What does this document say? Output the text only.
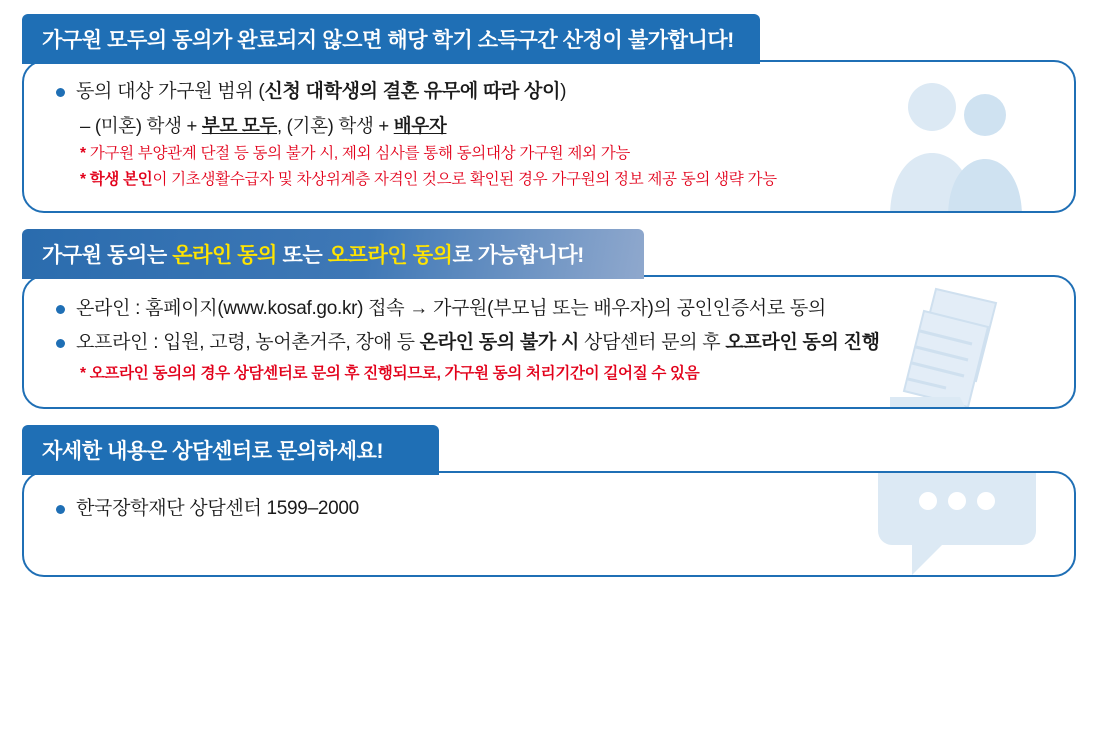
가구원 모두의 동의가 완료되지 않으면 해당 학기 소득구간 산정이 불가합니다!
동의 대상 가구원 범위 (신청 대학생의 결혼 유무에 따라 상이)
– (미혼) 학생 + 부모 모두, (기혼) 학생 + 배우자
* 가구원 부양관계 단절 등 동의 불가 시, 제외 심사를 통해 동의대상 가구원 제외 가능
* 학생 본인이 기초생활수급자 및 차상위계층 자격인 것으로 확인된 경우 가구원의 정보 제공 동의 생략 가능
가구원 동의는 온라인 동의 또는 오프라인 동의로 가능합니다!
온라인 : 홈페이지(www.kosaf.go.kr) 접속 → 가구원(부모님 또는 배우자)의 공인인증서로 동의
오프라인 : 입원, 고령, 농어촌거주, 장애 등 온라인 동의 불가 시 상담센터 문의 후 오프라인 동의 진행
* 오프라인 동의의 경우 상담센터로 문의 후 진행되므로, 가구원 동의 처리기간이 길어질 수 있음
자세한 내용은 상담센터로 문의하세요!
한국장학재단 상담센터 1599–2000
